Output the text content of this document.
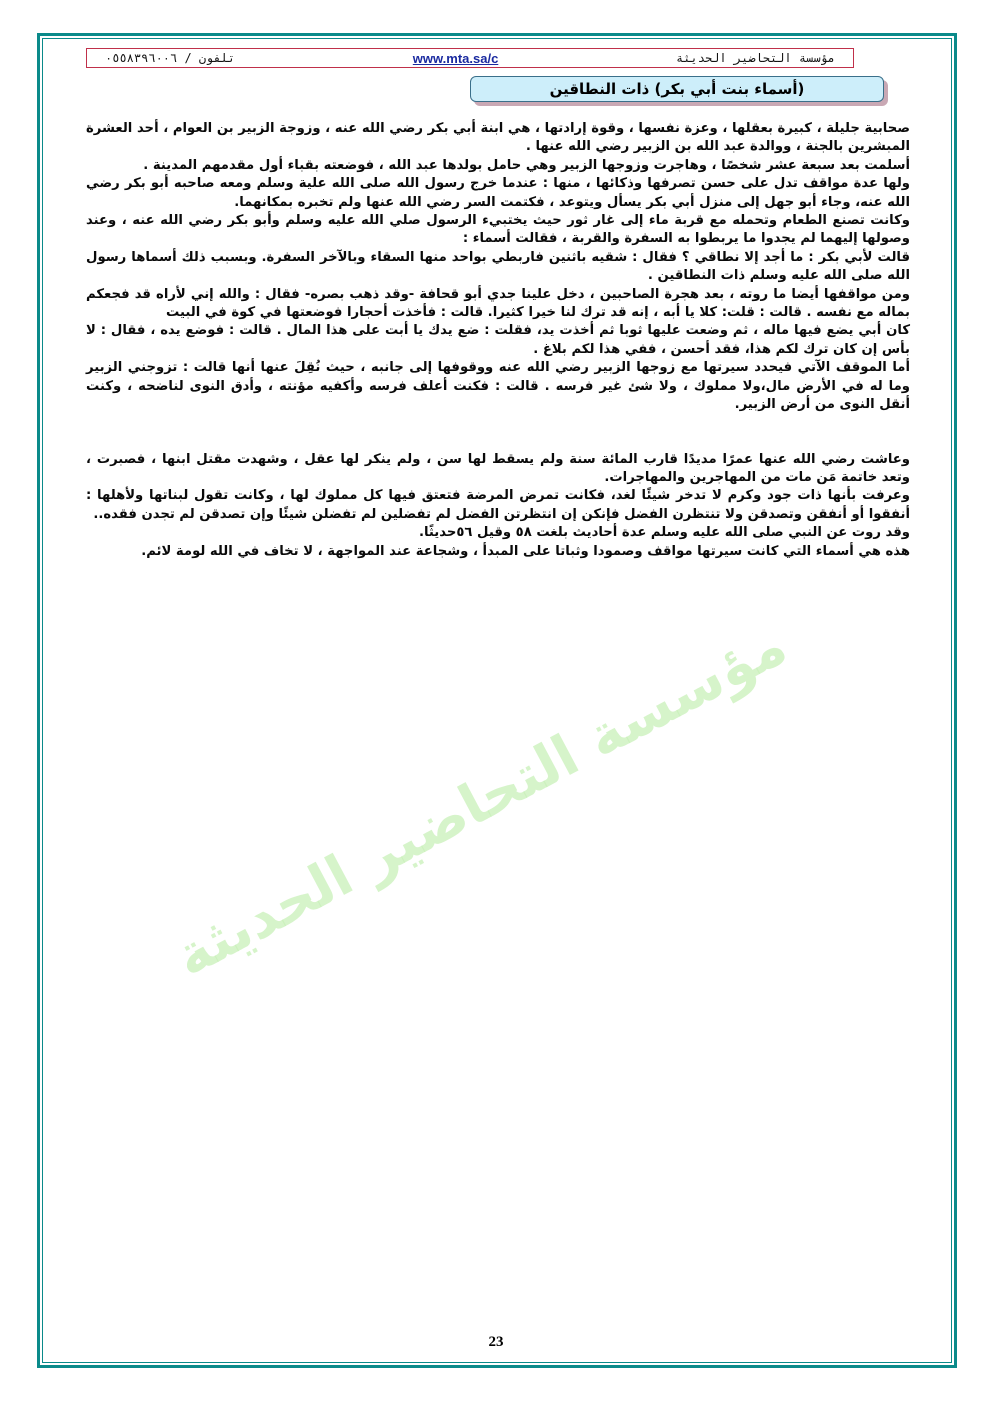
مؤسسة التحاضير الحديثة
www.mta.sa/c
تلفون / ٠٥٥٨٣٩٦٠٠٦
(أسماء بنت أبي بكر) ذات النطاقين
مؤسسة التحاضير الحديثة

صحابية جليلة ، كبيرة بعقلها ، وعزة نفسها ، وقوة إرادتها ، هي ابنة أبي بكر رضي الله عنه ، وزوجة الزبير بن العوام ، أحد العشرة المبشرين بالجنة ، ووالدة عبد الله بن الزبير رضي الله عنها .

أسلمت بعد سبعة عشر شخصًا ، وهاجرت وزوجها الزبير وهي حامل بولدها عبد الله ، فوضعته بقباء أول مقدمهم المدينة .

ولها عدة مواقف تدل على حسن تصرفها وذكائها ، منها : عندما خرج رسول الله صلى الله علية وسلم ومعه صاحبه أبو بكر رضي الله عنه، وجاء أبو جهل إلى منزل أبي بكر يسأل ويتوعد ، فكتمت السر رضي الله عنها ولم تخبره بمكانهما.

وكانت تصنع الطعام وتحمله مع قربة ماء إلى غار ثور حيث يختبيء الرسول صلي الله عليه وسلم وأبو بكر رضي الله عنه ، وعند وصولها إليهما لم يجدوا ما يربطوا به السفرة والقربة ، فقالت أسماء :

قالت لأبي بكر : ما أجد إلا نطاقي ؟ فقال : شقيه باثنين فاربطي بواحد منها السقاء وبالآخر السفرة. وبسبب ذلك أسماها رسول الله صلى الله عليه وسلم ذات النطاقين .

ومن مواقفها أيضا ما روته ، بعد هجرة الصاحبين ، دخل علينا جدي أبو قحافة -وقد ذهب بصره- فقال : والله إني لأراه قد فجعكم بماله مع نفسه . قالت : قلت: كلا يا أبه ، إنه قد ترك لنا خيرا كثيرا. قالت : فأخذت أحجارا فوضعتها في كوة في البيت

كان أبي يضع فيها ماله ، ثم وضعت عليها ثوبا ثم أخذت يد، فقلت : ضع يدك يا أبت على هذا المال . قالت : فوضع يده ، فقال : لا بأس إن كان ترك لكم هذا، فقد أحسن ، ففي هذا لكم بلاغ .

أما الموقف الآتي فيحدد سيرتها مع زوجها الزبير رضي الله عنه ووقوفها إلى جانبه ، حيث نُقِلَ عنها أنها قالت : تزوجني الزبير وما له في الأرض مال،ولا مملوك ، ولا شئ غير فرسه . قالت : فكنت أعلف فرسه وأكفيه مؤنته ، وأدق النوى لناضحه ، وكنت أنقل النوى من أرض الزبير.

وعاشت رضي الله عنها عمرًا مديدًا قارب المائة سنة ولم يسقط لها سن ، ولم ينكر لها عقل ، وشهدت مقتل ابنها ، فصبرت ، وتعد خاتمة مَن مات من المهاجرين والمهاجرات.

وعرفت بأنها ذات جود وكرم لا تدخر شيئًا لغد، فكانت تمرض المرضة فتعتق فيها كل مملوك لها ، وكانت تقول لبناتها ولأهلها : أنفقوا أو أنفقن وتصدقن ولا تنتظرن الفضل فإنكن إن انتظرتن الفضل لم تفضلين لم تفضلن شيئًا وإن تصدقن لم تجدن فقده..

وقد روت عن النبي صلى الله عليه وسلم عدة أحاديث بلغت ٥٨ وقيل ٥٦حديثًا.

هذه هي أسماء التي كانت سيرتها مواقف وصمودا وثباتا على المبدأ ، وشجاعة عند المواجهة ، لا تخاف في الله لومة لائم.

23
